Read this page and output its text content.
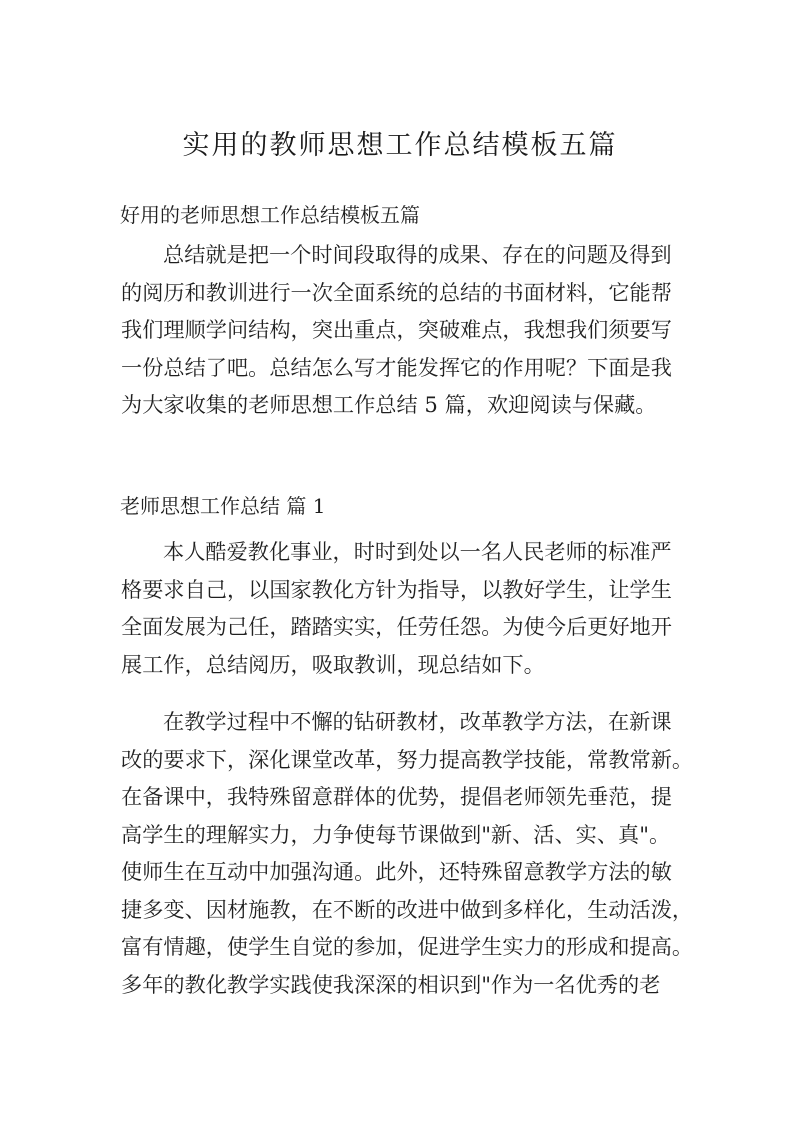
实用的教师思想工作总结模板五篇
好用的老师思想工作总结模板五篇
总结就是把一个时间段取得的成果、存在的问题及得到
的阅历和教训进行一次全面系统的总结的书面材料，它能帮
我们理顺学问结构，突出重点，突破难点，我想我们须要写
一份总结了吧。总结怎么写才能发挥它的作用呢？下面是我
为大家收集的老师思想工作总结 5 篇，欢迎阅读与保藏。
老师思想工作总结 篇 1
本人酷爱教化事业，时时到处以一名人民老师的标准严
格要求自己，以国家教化方针为指导，以教好学生，让学生
全面发展为己任，踏踏实实，任劳任怨。为使今后更好地开
展工作，总结阅历，吸取教训，现总结如下。
在教学过程中不懈的钻研教材，改革教学方法，在新课
改的要求下，深化课堂改革，努力提高教学技能，常教常新。
在备课中，我特殊留意群体的优势，提倡老师领先垂范，提
高学生的理解实力，力争使每节课做到"新、活、实、真"。
使师生在互动中加强沟通。此外，还特殊留意教学方法的敏
捷多变、因材施教，在不断的改进中做到多样化，生动活泼，
富有情趣，使学生自觉的参加，促进学生实力的形成和提高。
多年的教化教学实践使我深深的相识到"作为一名优秀的老
